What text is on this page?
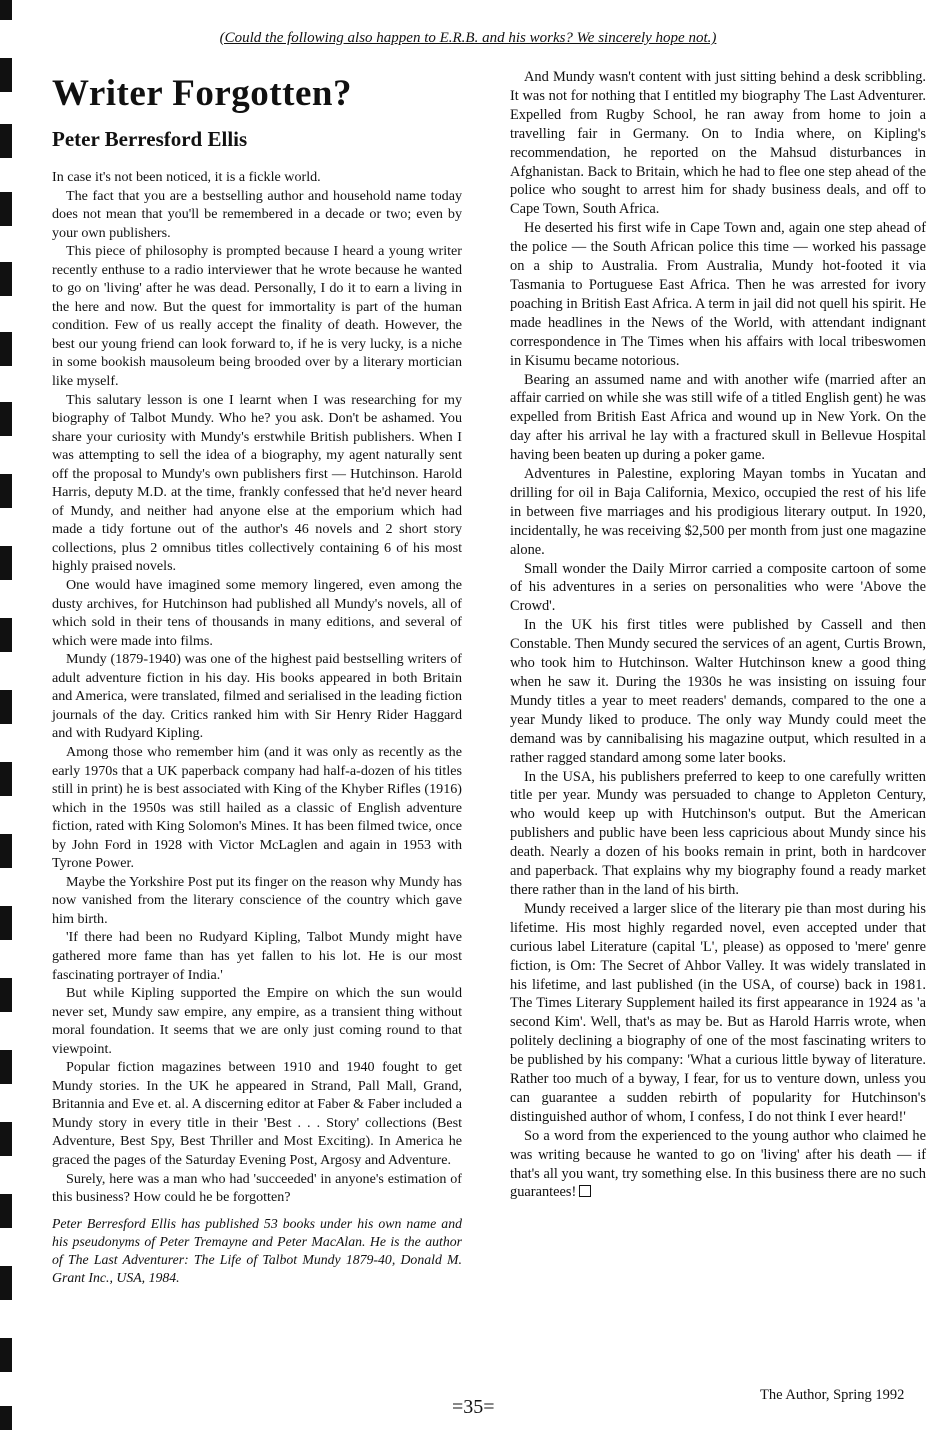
(Could the following also happen to E.R.B. and his works? We sincerely hope not.)
Writer Forgotten?
Peter Berresford Ellis

In case it's not been noticed, it is a fickle world.

The fact that you are a bestselling author and household name today does not mean that you'll be remembered in a decade or two; even by your own publishers.

This piece of philosophy is prompted because I heard a young writer recently enthuse to a radio interviewer that he wrote because he wanted to go on 'living' after he was dead. Personally, I do it to earn a living in the here and now. But the quest for immortality is part of the human condition. Few of us really accept the finality of death. However, the best our young friend can look forward to, if he is very lucky, is a niche in some bookish mausoleum being brooded over by a literary mortician like myself.

This salutary lesson is one I learnt when I was researching for my biography of Talbot Mundy. Who he? you ask. Don't be ashamed. You share your curiosity with Mundy's erstwhile British publishers. When I was attempting to sell the idea of a biography, my agent naturally sent off the proposal to Mundy's own publishers first — Hutchinson. Harold Harris, deputy M.D. at the time, frankly confessed that he'd never heard of Mundy, and neither had anyone else at the emporium which had made a tidy fortune out of the author's 46 novels and 2 short story collections, plus 2 omnibus titles collectively containing 6 of his most highly praised novels.

One would have imagined some memory lingered, even among the dusty archives, for Hutchinson had published all Mundy's novels, all of which sold in their tens of thousands in many editions, and several of which were made into films.

Mundy (1879-1940) was one of the highest paid bestselling writers of adult adventure fiction in his day. His books appeared in both Britain and America, were translated, filmed and serialised in the leading fiction journals of the day. Critics ranked him with Sir Henry Rider Haggard and with Rudyard Kipling.

Among those who remember him (and it was only as recently as the early 1970s that a UK paperback company had half-a-dozen of his titles still in print) he is best associated with King of the Khyber Rifles (1916) which in the 1950s was still hailed as a classic of English adventure fiction, rated with King Solomon's Mines. It has been filmed twice, once by John Ford in 1928 with Victor McLaglen and again in 1953 with Tyrone Power.

Maybe the Yorkshire Post put its finger on the reason why Mundy has now vanished from the literary conscience of the country which gave him birth.

'If there had been no Rudyard Kipling, Talbot Mundy might have gathered more fame than has yet fallen to his lot. He is our most fascinating portrayer of India.'

But while Kipling supported the Empire on which the sun would never set, Mundy saw empire, any empire, as a transient thing without moral foundation. It seems that we are only just coming round to that viewpoint.

Popular fiction magazines between 1910 and 1940 fought to get Mundy stories. In the UK he appeared in Strand, Pall Mall, Grand, Britannia and Eve et. al. A discerning editor at Faber & Faber included a Mundy story in every title in their 'Best . . . Story' collections (Best Adventure, Best Spy, Best Thriller and Most Exciting). In America he graced the pages of the Saturday Evening Post, Argosy and Adventure.

Surely, here was a man who had 'succeeded' in anyone's estimation of this business? How could he be forgotten?

Peter Berresford Ellis has published 53 books under his own name and his pseudonyms of Peter Tremayne and Peter MacAlan. He is the author of The Last Adventurer: The Life of Talbot Mundy 1879-40, Donald M. Grant Inc., USA, 1984.

And Mundy wasn't content with just sitting behind a desk scribbling. It was not for nothing that I entitled my biography The Last Adventurer. Expelled from Rugby School, he ran away from home to join a travelling fair in Germany. On to India where, on Kipling's recommendation, he reported on the Mahsud disturbances in Afghanistan. Back to Britain, which he had to flee one step ahead of the police who sought to arrest him for shady business deals, and off to Cape Town, South Africa.

He deserted his first wife in Cape Town and, again one step ahead of the police — the South African police this time — worked his passage on a ship to Australia. From Australia, Mundy hot-footed it via Tasmania to Portuguese East Africa. Then he was arrested for ivory poaching in British East Africa. A term in jail did not quell his spirit. He made headlines in the News of the World, with attendant indignant correspondence in The Times when his affairs with local tribeswomen in Kisumu became notorious.

Bearing an assumed name and with another wife (married after an affair carried on while she was still wife of a titled English gent) he was expelled from British East Africa and wound up in New York. On the day after his arrival he lay with a fractured skull in Bellevue Hospital having been beaten up during a poker game.

Adventures in Palestine, exploring Mayan tombs in Yucatan and drilling for oil in Baja California, Mexico, occupied the rest of his life in between five marriages and his prodigious literary output. In 1920, incidentally, he was receiving $2,500 per month from just one magazine alone.

Small wonder the Daily Mirror carried a composite cartoon of some of his adventures in a series on personalities who were 'Above the Crowd'.

In the UK his first titles were published by Cassell and then Constable. Then Mundy secured the services of an agent, Curtis Brown, who took him to Hutchinson. Walter Hutchinson knew a good thing when he saw it. During the 1930s he was insisting on issuing four Mundy titles a year to meet readers' demands, compared to the one a year Mundy liked to produce. The only way Mundy could meet the demand was by cannibalising his magazine output, which resulted in a rather ragged standard among some later books.

In the USA, his publishers preferred to keep to one carefully written title per year. Mundy was persuaded to change to Appleton Century, who would keep up with Hutchinson's output. But the American publishers and public have been less capricious about Mundy since his death. Nearly a dozen of his books remain in print, both in hardcover and paperback. That explains why my biography found a ready market there rather than in the land of his birth.

Mundy received a larger slice of the literary pie than most during his lifetime. His most highly regarded novel, even accepted under that curious label Literature (capital 'L', please) as opposed to 'mere' genre fiction, is Om: The Secret of Ahbor Valley. It was widely translated in his lifetime, and last published (in the USA, of course) back in 1981. The Times Literary Supplement hailed its first appearance in 1924 as 'a second Kim'. Well, that's as may be. But as Harold Harris wrote, when politely declining a biography of one of the most fascinating writers to be published by his company: 'What a curious little byway of literature. Rather too much of a byway, I fear, for us to venture down, unless you can guarantee a sudden rebirth of popularity for Hutchinson's distinguished author of whom, I confess, I do not think I ever heard!'

So a word from the experienced to the young author who claimed he was writing because he wanted to go on 'living' after his death — if that's all you want, try something else. In this business there are no such guarantees!

=35=
The Author, Spring 1992
